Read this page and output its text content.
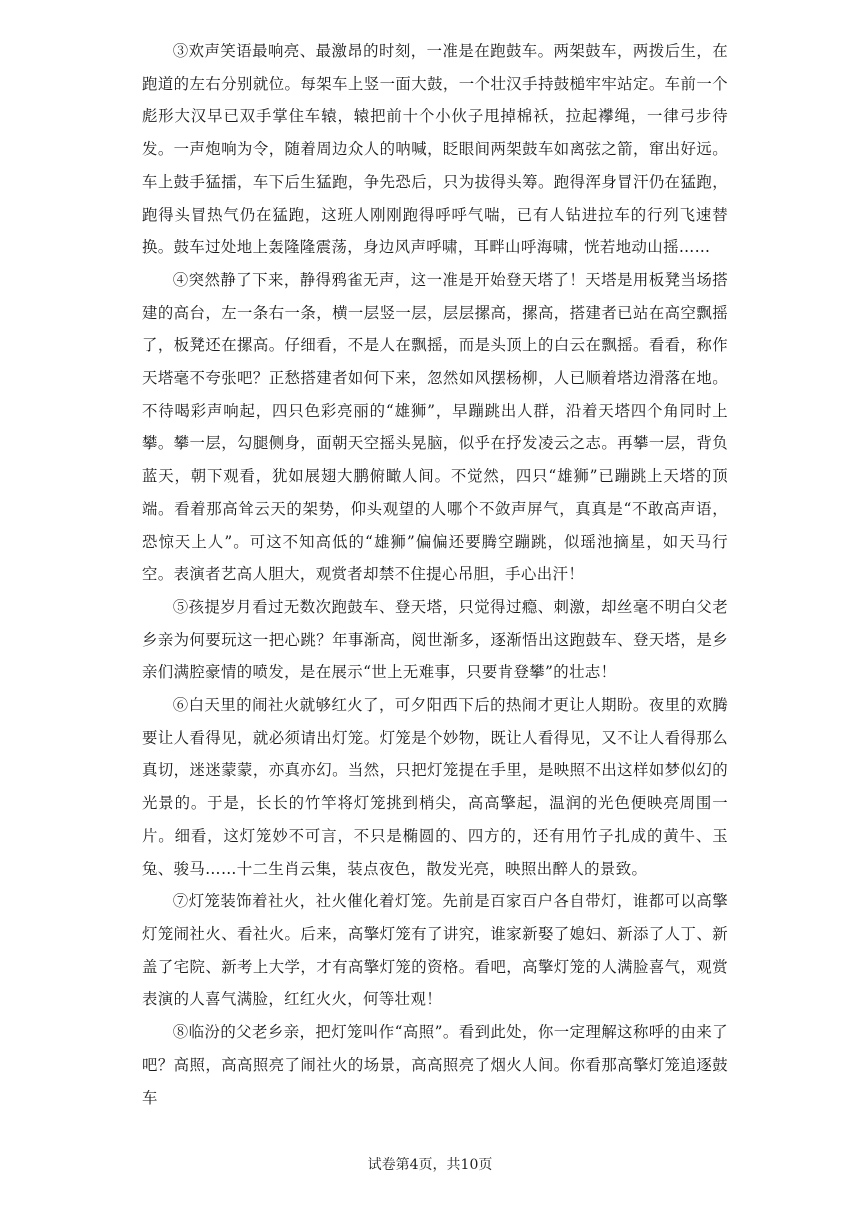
③欢声笑语最响亮、最激昂的时刻，一准是在跑鼓车。两架鼓车，两拨后生，在跑道的左右分别就位。每架车上竖一面大鼓，一个壮汉手持鼓槌牢牢站定。车前一个彪形大汉早已双手掌住车辕，辕把前十个小伙子甩掉棉袄，拉起襻绳，一律弓步待发。一声炮响为令，随着周边众人的呐喊，眨眼间两架鼓车如离弦之箭，窜出好远。车上鼓手猛擂，车下后生猛跑，争先恐后，只为拔得头筹。跑得浑身冒汗仍在猛跑，跑得头冒热气仍在猛跑，这班人刚刚跑得呼呼气喘，已有人钻进拉车的行列飞速替换。鼓车过处地上轰隆隆震荡，身边风声呼啸，耳畔山呼海啸，恍若地动山摇……

④突然静了下来，静得鸦雀无声，这一准是开始登天塔了！天塔是用板凳当场搭建的高台，左一条右一条，横一层竖一层，层层摞高，摞高，搭建者已站在高空飘摇了，板凳还在摞高。仔细看，不是人在飘摇，而是头顶上的白云在飘摇。看看，称作天塔毫不夸张吧？正愁搭建者如何下来，忽然如风摆杨柳，人已顺着塔边滑落在地。不待喝彩声响起，四只色彩亮丽的“雄狮”，早蹦跳出人群，沿着天塔四个角同时上攀。攀一层，勾腿侧身，面朝天空摇头晃脑，似乎在抒发凌云之志。再攀一层，背负蓝天，朝下观看，犹如展翅大鹏俯瞰人间。不觉然，四只“雄狮”已蹦跳上天塔的顶端。看着那高耸云天的架势，仰头观望的人哪个不敛声屏气，真真是“不敢高声语，恐惊天上人”。可这不知高低的“雄狮”偏偏还要腾空蹦跳，似瑶池摘星，如天马行空。表演者艺高人胆大，观赏者却禁不住提心吊胆，手心出汗！

⑤孩提岁月看过无数次跑鼓车、登天塔，只觉得过瘾、刺激，却丝毫不明白父老乡亲为何要玩这一把心跳？年事渐高，阅世渐多，逐渐悟出这跑鼓车、登天塔，是乡亲们满腔豪情的喷发，是在展示“世上无难事，只要肯登攀”的壮志！

⑥白天里的闹社火就够红火了，可夕阳西下后的热闹才更让人期盼。夜里的欢腾要让人看得见，就必须请出灯笼。灯笼是个妙物，既让人看得见，又不让人看得那么真切，迷迷蒙蒙，亦真亦幻。当然，只把灯笼提在手里，是映照不出这样如梦似幻的光景的。于是，长长的竹竿将灯笼挑到梢尖，高高擎起，温润的光色便映亮周围一片。细看，这灯笼妙不可言，不只是椭圆的、四方的，还有用竹子扎成的黄牛、玉兔、骏马……十二生肖云集，装点夜色，散发光亮，映照出醉人的景致。

⑦灯笼装饰着社火，社火催化着灯笼。先前是百家百户各自带灯，谁都可以高擎灯笼闹社火、看社火。后来，高擎灯笼有了讲究，谁家新娶了媳妇、新添了人丁、新盖了宅院、新考上大学，才有高擎灯笼的资格。看吧，高擎灯笼的人满脸喜气，观赏表演的人喜气满脸，红红火火，何等壮观！

⑧临汾的父老乡亲，把灯笼叫作“高照”。看到此处，你一定理解这称呼的由来了吧？高照，高高照亮了闹社火的场景，高高照亮了烟火人间。你看那高擎灯笼追逐鼓车

试卷第4页，共10页
